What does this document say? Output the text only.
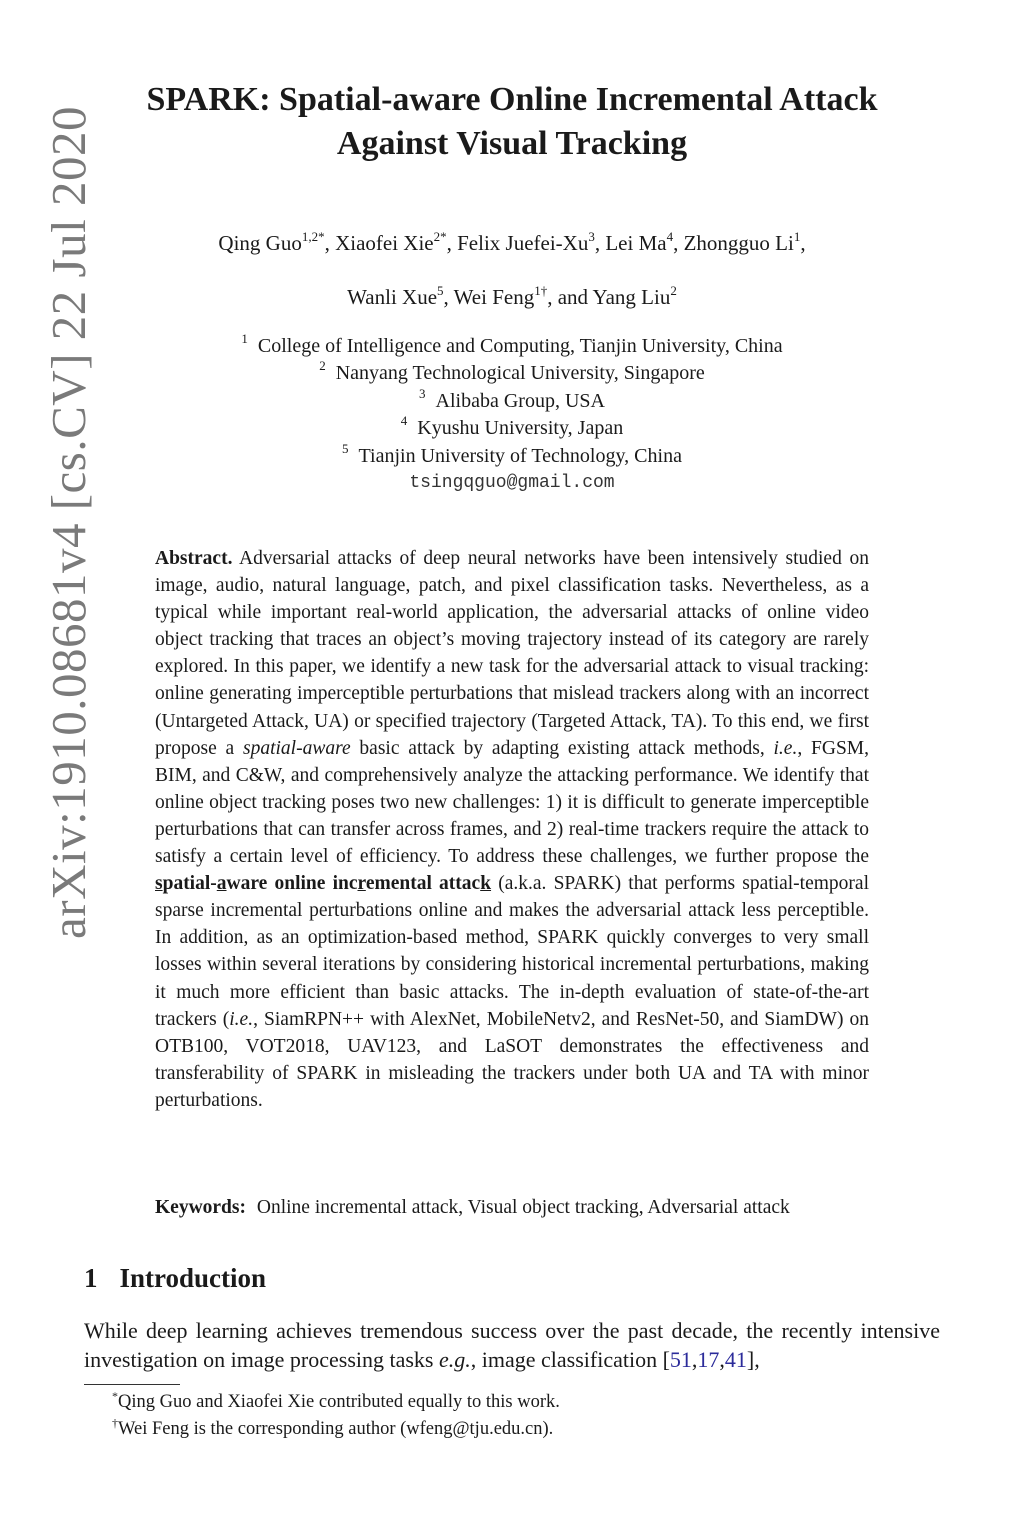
arXiv:1910.08681v4 [cs.CV] 22 Jul 2020
SPARK: Spatial-aware Online Incremental Attack
Against Visual Tracking
Qing Guo$^{1,2*}$, Xiaofei Xie$^{2*}$, Felix Juefei-Xu$^3$, Lei Ma$^4$, Zhongguo Li$^1$,
Wanli Xue$^5$, Wei Feng$^{1\dagger}$, and Yang Liu$^2$
$^1$ College of Intelligence and Computing, Tianjin University, China
$^2$ Nanyang Technological University, Singapore
$^3$ Alibaba Group, USA
$^4$ Kyushu University, Japan
$^5$ Tianjin University of Technology, China
tsingqguo@gmail.com
Abstract. Adversarial attacks of deep neural networks have been intensively studied on image, audio, natural language, patch, and pixel classification tasks. Nevertheless, as a typical while important real-world application, the adversarial attacks of online video object tracking that traces an object’s moving trajectory instead of its category are rarely explored. In this paper, we identify a new task for the adversarial attack to visual tracking: online generating imperceptible perturbations that mislead trackers along with an incorrect (Untargeted Attack, UA) or specified trajectory (Targeted Attack, TA). To this end, we first propose a spatial-aware basic attack by adapting existing attack methods, i.e., FGSM, BIM, and C&W, and comprehensively analyze the attacking performance. We identify that online object tracking poses two new challenges: 1) it is difficult to generate imperceptible perturbations that can transfer across frames, and 2) real-time trackers require the attack to satisfy a certain level of efficiency. To address these challenges, we further propose the spatial-aware online incremental attack (a.k.a. SPARK) that performs spatial-temporal sparse incremental perturbations online and makes the adversarial attack less perceptible. In addition, as an optimization-based method, SPARK quickly converges to very small losses within several iterations by considering historical incremental perturbations, making it much more efficient than basic attacks. The in-depth evaluation of state-of-the-art trackers (i.e., SiamRPN++ with AlexNet, MobileNetv2, and ResNet-50, and SiamDW) on OTB100, VOT2018, UAV123, and LaSOT demonstrates the effectiveness and transferability of SPARK in misleading the trackers under both UA and TA with minor perturbations.
Keywords: Online incremental attack, Visual object tracking, Adversarial attack
1 Introduction
While deep learning achieves tremendous success over the past decade, the recently intensive investigation on image processing tasks e.g., image classification [51,17,41],
*Qing Guo and Xiaofei Xie contributed equally to this work.
†Wei Feng is the corresponding author (wfeng@tju.edu.cn).
